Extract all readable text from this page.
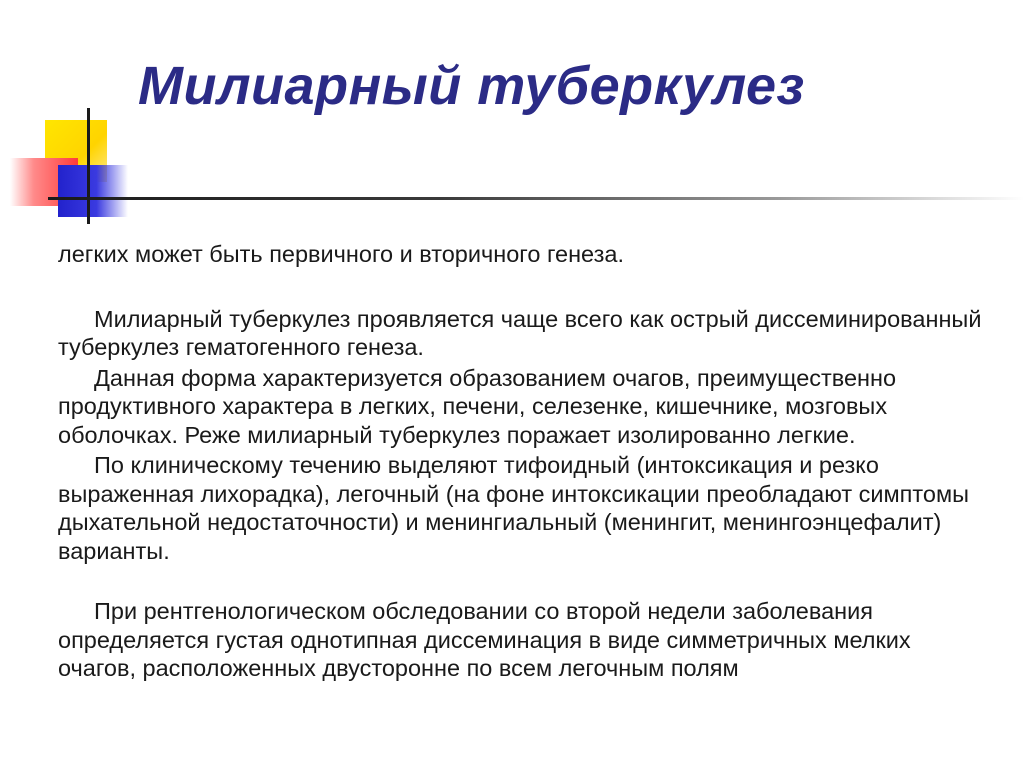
Милиарный туберкулез

легких может быть первичного и вторичного генеза.

Милиарный туберкулез проявляется чаще всего как острый диссеминированный туберкулез гематогенного генеза.

Данная форма характеризуется образованием очагов, преимущественно продуктивного характера в легких, печени, селезенке, кишечнике, мозговых оболочках. Реже милиарный туберкулез поражает изолированно легкие.

По клиническому течению выделяют тифоидный (интоксикация и резко выраженная лихорадка), легочный (на фоне интоксикации преобладают симптомы дыхательной недостаточности) и менингиальный (менингит, менингоэнцефалит) варианты.

При рентгенологическом обследовании со второй недели заболевания определяется густая однотипная диссеминация в виде симметричных мелких очагов, расположенных двусторонне по всем легочным полям
